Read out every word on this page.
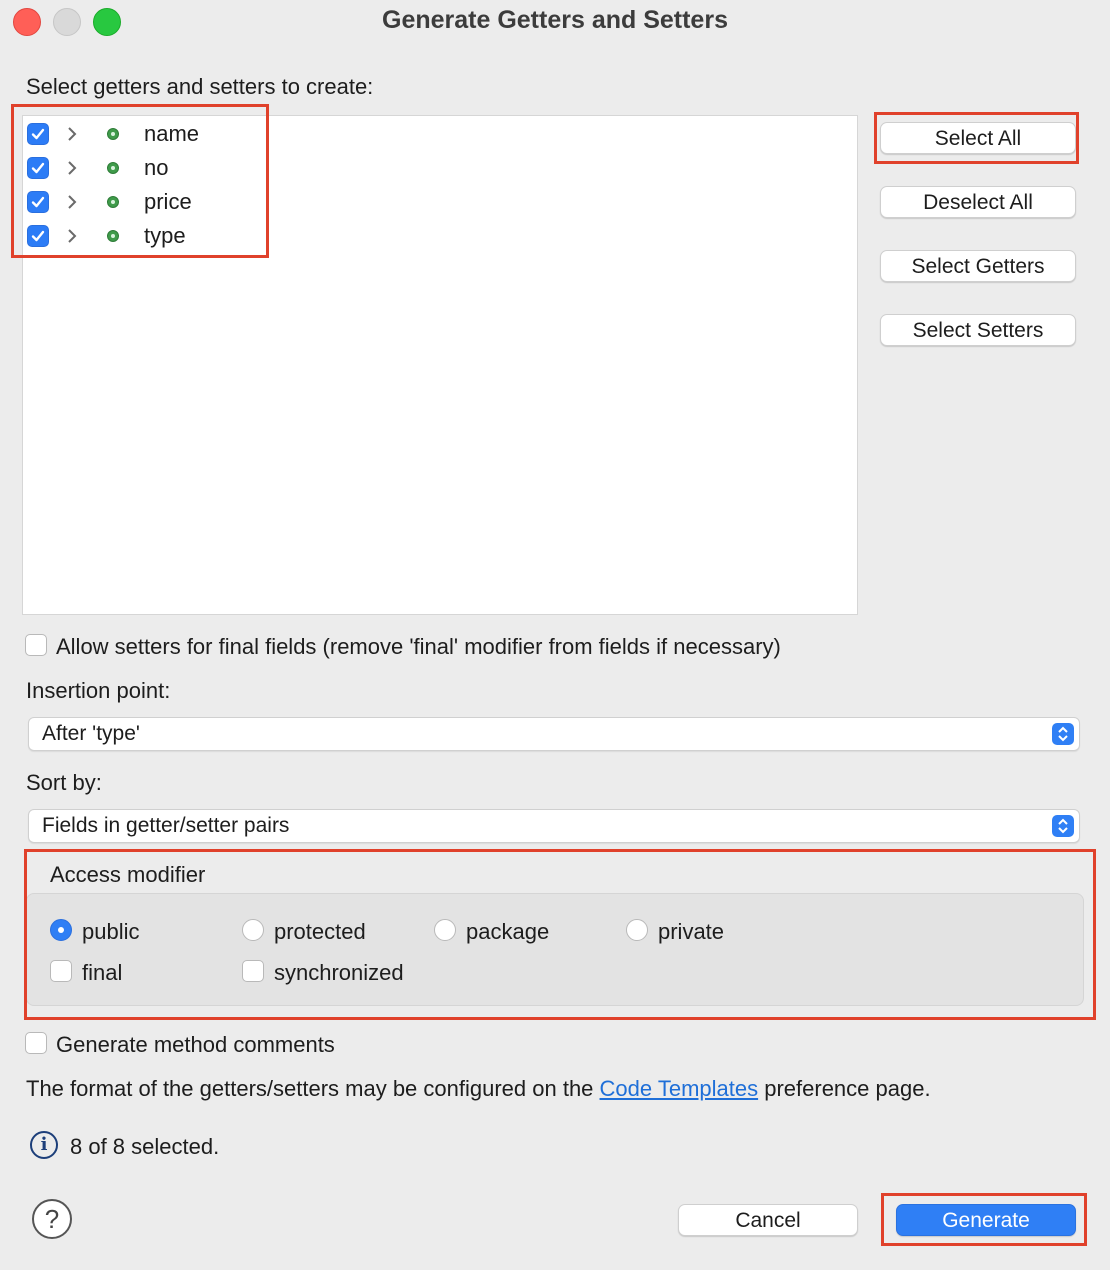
Generate Getters and Setters
Select getters and setters to create:
name
no
price
type
Select All
Deselect All
Select Getters
Select Setters
Allow setters for final fields (remove 'final' modifier from fields if necessary)
Insertion point:
After 'type'
Sort by:
Fields in getter/setter pairs
Access modifier
public	protected	package	private
final	synchronized
Generate method comments
The format of the getters/setters may be configured on the Code Templates preference page.
i	8 of 8 selected.
?	Cancel	Generate
